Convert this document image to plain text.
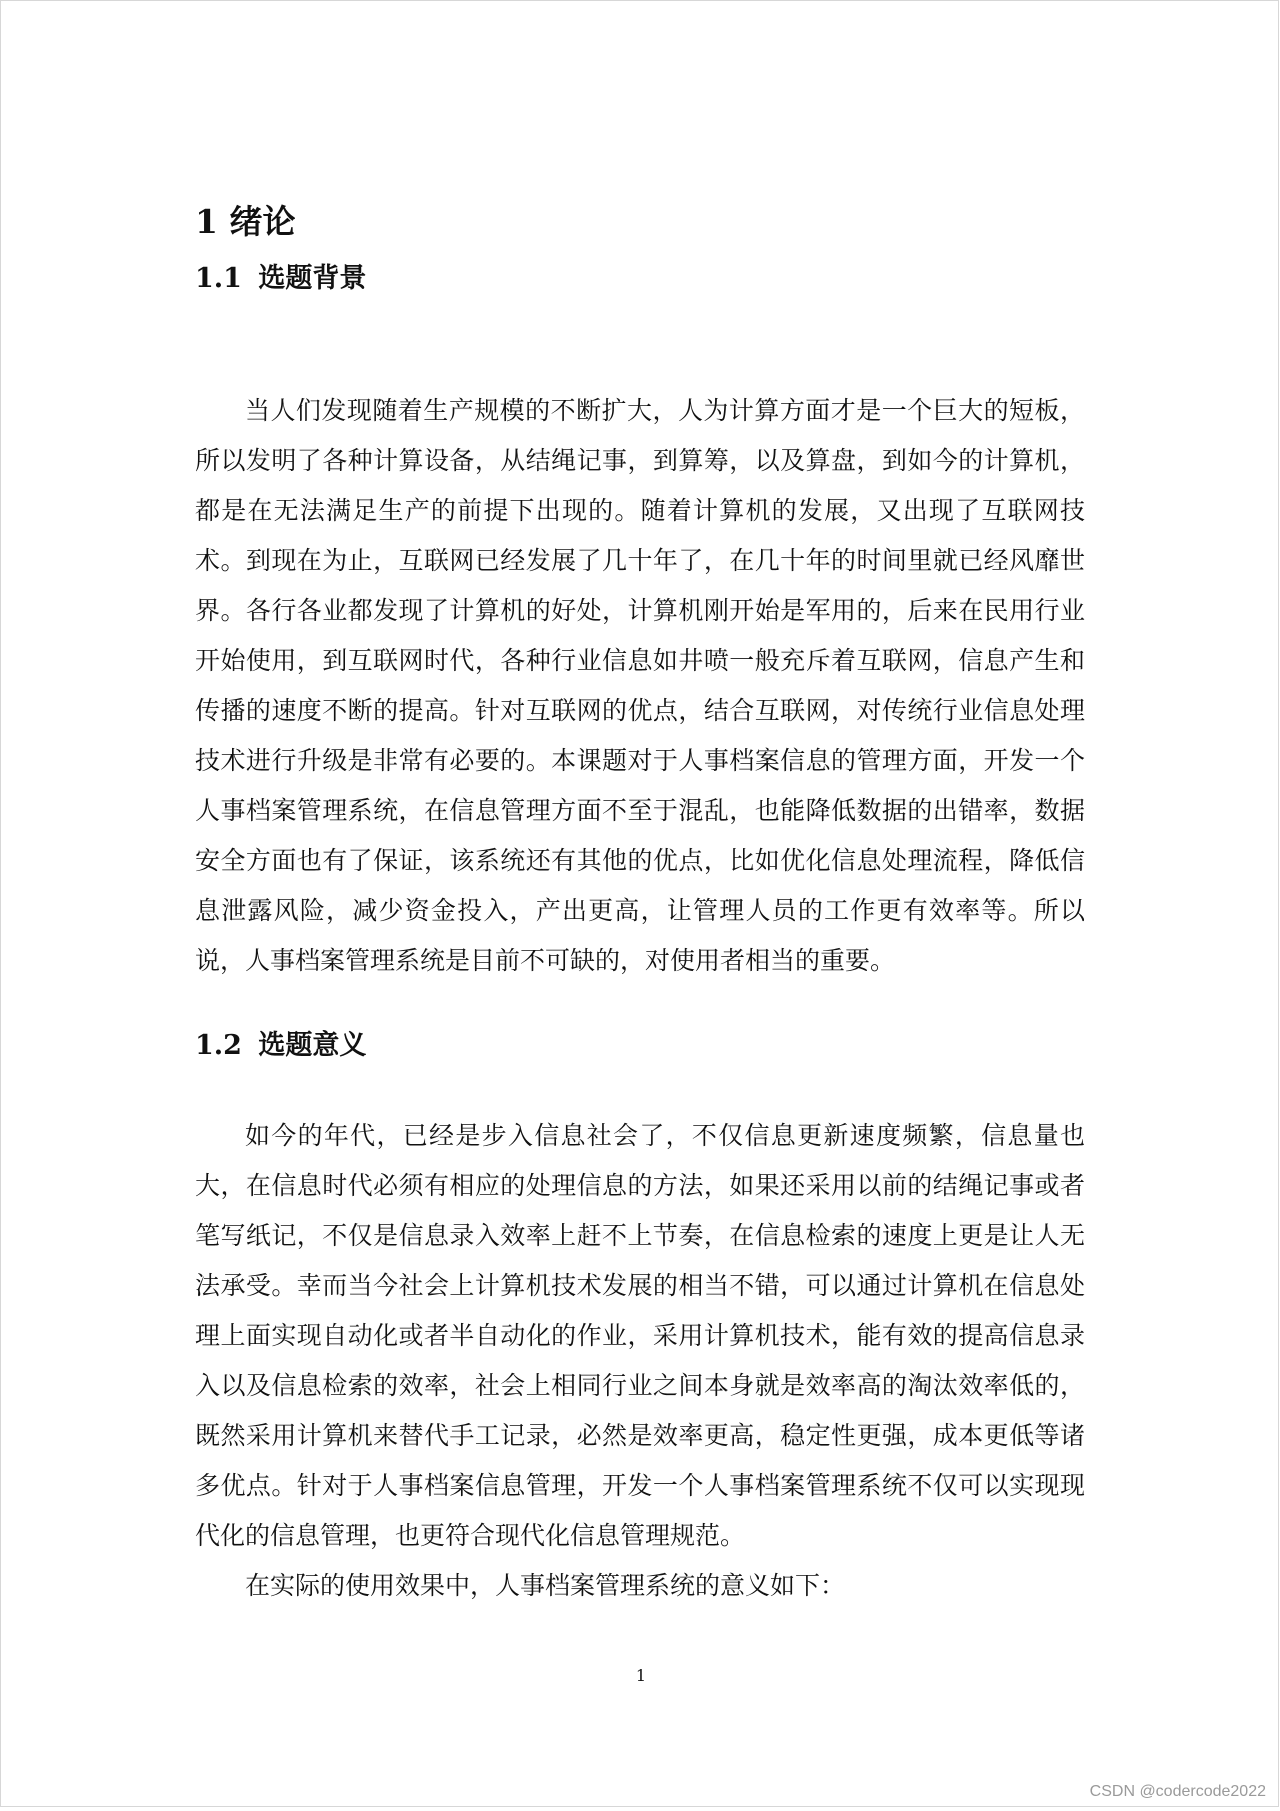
1 绪论
1.1 选题背景

当人们发现随着生产规模的不断扩大，人为计算方面才是一个巨大的短板，所以发明了各种计算设备，从结绳记事，到算筹，以及算盘，到如今的计算机，都是在无法满足生产的前提下出现的。随着计算机的发展，又出现了互联网技术。到现在为止，互联网已经发展了几十年了，在几十年的时间里就已经风靡世界。各行各业都发现了计算机的好处，计算机刚开始是军用的，后来在民用行业开始使用，到互联网时代，各种行业信息如井喷一般充斥着互联网，信息产生和传播的速度不断的提高。针对互联网的优点，结合互联网，对传统行业信息处理技术进行升级是非常有必要的。本课题对于人事档案信息的管理方面，开发一个人事档案管理系统，在信息管理方面不至于混乱，也能降低数据的出错率，数据安全方面也有了保证，该系统还有其他的优点，比如优化信息处理流程，降低信息泄露风险，减少资金投入，产出更高，让管理人员的工作更有效率等。所以说，人事档案管理系统是目前不可缺的，对使用者相当的重要。

1.2 选题意义

如今的年代，已经是步入信息社会了，不仅信息更新速度频繁，信息量也大，在信息时代必须有相应的处理信息的方法，如果还采用以前的结绳记事或者笔写纸记，不仅是信息录入效率上赶不上节奏，在信息检索的速度上更是让人无法承受。幸而当今社会上计算机技术发展的相当不错，可以通过计算机在信息处理上面实现自动化或者半自动化的作业，采用计算机技术，能有效的提高信息录入以及信息检索的效率，社会上相同行业之间本身就是效率高的淘汰效率低的，既然采用计算机来替代手工记录，必然是效率更高，稳定性更强，成本更低等诸多优点。针对于人事档案信息管理，开发一个人事档案管理系统不仅可以实现现代化的信息管理，也更符合现代化信息管理规范。

在实际的使用效果中，人事档案管理系统的意义如下：

1
CSDN @codercode2022
